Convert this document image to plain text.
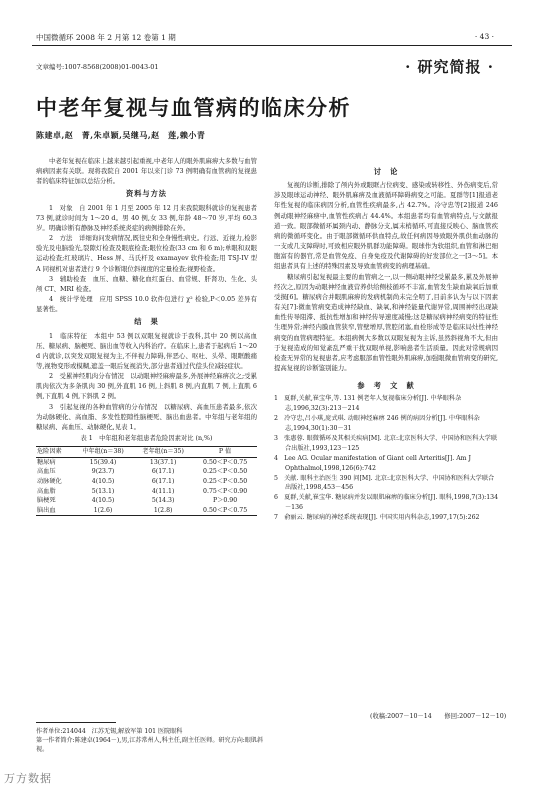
中国微循环 2008 年 2 月第 12 卷第 1 期	· 43 ·
文章编号:1007-8568(2008)01-0043-01	· 研究简报 ·
中老年复视与血管病的临床分析
陈建卓,赵　菁,朱卓颖,吴继马,赵　莲,赖小青

中老年复视在临床上越来越引起重视,中老年人的眼外肌麻痹大多数与血管病病因素有关联。现将我院自 2001 年以来门诊 73 例明确有血管病的复视患者的临床特征加以总结分析。

资料与方法

1　对象　自 2001 年 1 月至 2005 年 12 月来我院眼科就诊的复视患者 73 例,就诊时间为 1～20 d。男 40 例,女 33 例,年龄 48～70 岁,平均 60.3 岁。明确诊断有静脉及神经系统炎症的病例排除在外。

2　方法　详细询问发病情况,既往史和全身慢性病史。行远、近视力,检影验光及电脑验光,裂隙灯检查及眼底检查;眼位检查(33 cm 和 6 m);单眼和双眼运动检查;红玻璃片、Hess 屏、马氏杆及 examayev 软件检查;用 TSJ-IV 型 A 同视机对患者进行 9 个诊断眼位斜视度的定量检查;视野检查。

3　辅助检查　血压、血糖、糖化血红蛋白、血常规、肝肾功、生化、头颅 CT、MRI 检查。

4　统计学处理　应用 SPSS 10.0 软件包进行 χ² 检验,P＜0.05 差异有显著性。

结　果

1　临床特征　本组中 53 例以双眼复视就诊于我科,其中 20 例以高血压、糖尿病、脑梗死、脑出血等收入内科治疗。在临床上,患者于起病后 1～20 d 内就诊,以突发双眼复视为主,不伴视力障碍,伴恶心、呕吐、头晕、眼眶酸痛等,视物变形或模糊,遮盖一眼后复视消失,部分患者通过代偿头位减轻症状。

2　受累神经肌肉分布情况　以动眼神经麻痹最多,外展神经麻痹次之;受累肌肉依次为多条肌肉 30 例,外直肌 16 例,上斜肌 8 例,内直肌 7 例,上直肌 6 例,下直肌 4 例,下斜肌 2 例。

3　引起复视的各种血管病的分布情况　以糖尿病、高血压患者最多,依次为动脉硬化、高血脂、多发性腔隙性脑梗死、脑出血患者。中年组与老年组的糖尿病、高血压、动脉硬化,见表 1。

表 1　中年组和老年组患者危险因素对比 (n,%)
危险因素	中年组(n＝38)	老年组(n＝35)	P 值
糖尿病	15(39.4)	13(37.1)	0.50＜P＜0.75
高血压	9(23.7)	6(17.1)	0.25＜P＜0.50
动脉硬化	4(10.5)	6(17.1)	0.25＜P＜0.50
高血脂	5(13.1)	4(11.1)	0.75＜P＜0.90
脑梗死	4(10.5)	5(14.3)	P＞0.90
脑出血	1(2.6)	1(2.8)	0.50＜P＜0.75
讨　论

复视的诊断,排除了颅内外或眼眶占位病变、感染或转移性、外伤病变后,常涉及眼球运动神经、眼外肌麻痹及血液循环障碍病变之可能。夏群等[1]报道老年性复视的临床病因分析,血管性疾病最多,占 42.7%。冷守忠等[2]报道 246 例动眼神经麻痹中,血管性疾病占 44.4%。本组患者均有血管病特点,与文献报道一致。眼部微循环属颈内动、静脉分支,属末梢循环,可直接反映心、脑血管疾病的微循环变化。由于眼部微循环供血特点,故任何病因导致眼外肌供血动脉的一支或几支障碍时,可致相应眼外肌群功能障碍。眼球作为软组织,血管和淋巴细胞富有的器官,常是血管免疫、自身免疫及代谢障碍的好发部位之一[3～5]。本组患者具有上述的特殊因素及导致血管病变的病理基础。

糖尿病引起复视最主要的血管病之一,以一侧动眼神经受累最多,累及外展神经次之,原因为动眼神经血液营养供给侧枝循环不丰富,血管发生缺血缺氧后加重受损[6]。糖尿病合并眼肌麻痹的发病机制尚未完全明了,目前多认为与以下因素有关[7]:微血管病变造成神经缺血、缺氧,和神经能量代谢异常,周围神经出现缺血性传导阻滞、抵抗性增加和神经传导速度减慢;这是糖尿病神经病变的特征性生理异常;神经内膜血管狭窄,管壁增厚,管腔闭塞,血栓形成等是临床局灶性神经病变的血管病理特征。本组病例大多数以双眼复视为主诉,虽然斜视角不大,但由于复视造成的知觉紊乱严重干扰双眼单视,影响患者生活质量。因此对常规病因检查无异常的复视患者,应考虑服部血管性眼外肌麻痹,加强眼微血管病变的研究,提高复视的诊断鉴别能力。

参　考　文　献
1　夏群,关献,崔宝华,等. 131 例老年人复视临床分析[J]. 中华眼科杂志,1996,32(3):213－214
2　冷守忠,吕小琪,庞式琪. 动眼神经麻痹 246 例的病因分析[J]. 中华眼科杂志,1994,30(1):30－31
3　张惠蓉. 眼微循环及其相关疾病[M]. 北京:北京医科大学、中国协和医科大学联合出版社,1993,123－125
4　Lee AG. Ocular manifestation of Giant cell Arteritis[J]. Am J Ophthalmol,1998,126(6):742
5　关献. 眼科主治医生 390 问[M]. 北京:北京医科大学、中国协和医科大学联合出版社,1998,453－456
6　夏群,关献,崔宝华. 糖尿病并发以眼肌麻痹的临床分析[J]. 眼科,1998,7(3):134－136
7　俞丽云. 糖尿病的神经系统表现[J]. 中国实用内科杂志,1997,17(5):262
(收稿:2007－10－14　　修回:2007－12－10)

作者单位:214044　江苏无锡,解放军第 101 医院眼科

第一作者简介:陈建卓(1964－),男,江苏常州人,科主任,副主任医师。研究方向:眼肌斜视。

万方数据
